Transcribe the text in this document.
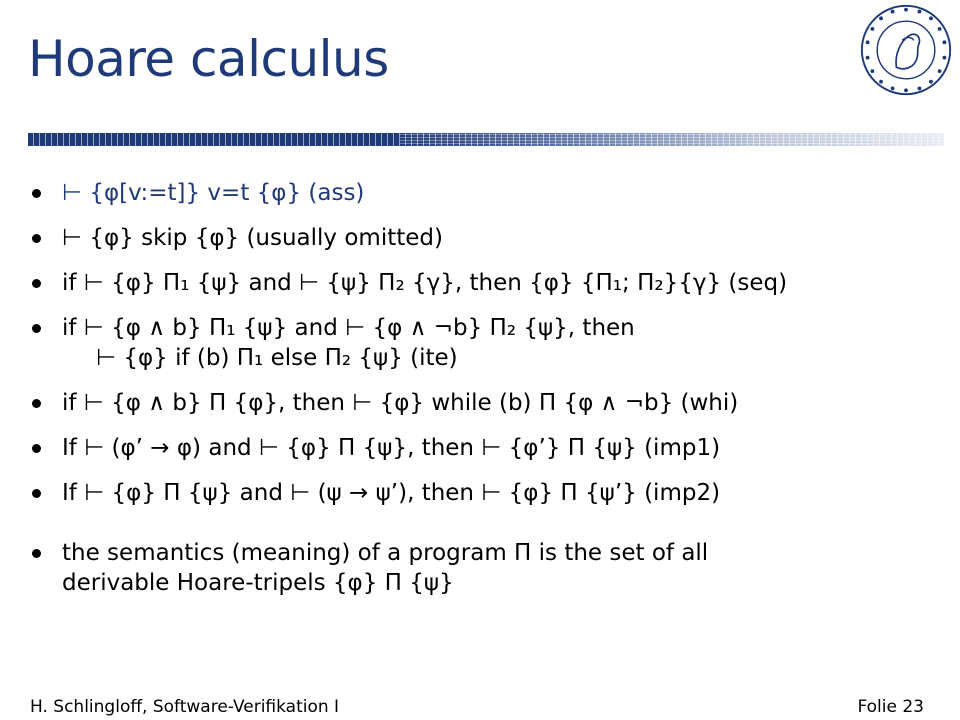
Hoare calculus
⊢ {φ[v:=t]} v=t {φ} (ass)
⊢ {φ} skip {φ} (usually omitted)
if ⊢ {φ} Π₁ {ψ} and ⊢ {ψ} Π₂ {γ}, then {φ} {Π₁; Π₂}{γ} (seq)
if ⊢ {φ ∧ b} Π₁ {ψ} and ⊢ {φ ∧ ¬b} Π₂ {ψ}, then
⊢ {φ} if (b) Π₁ else Π₂ {ψ} (ite)
if ⊢ {φ ∧ b} Π {φ}, then ⊢ {φ} while (b) Π {φ ∧ ¬b} (whi)
If ⊢ (φ’ → φ) and ⊢ {φ} Π {ψ}, then ⊢ {φ’} Π {ψ} (imp1)
If ⊢ {φ} Π {ψ} and ⊢ (ψ → ψ’), then ⊢ {φ} Π {ψ’} (imp2)
the semantics (meaning) of a program Π is the set of all
derivable Hoare-tripels {φ} Π {ψ}
H. Schlingloff, Software-Verifikation I	Folie 23
